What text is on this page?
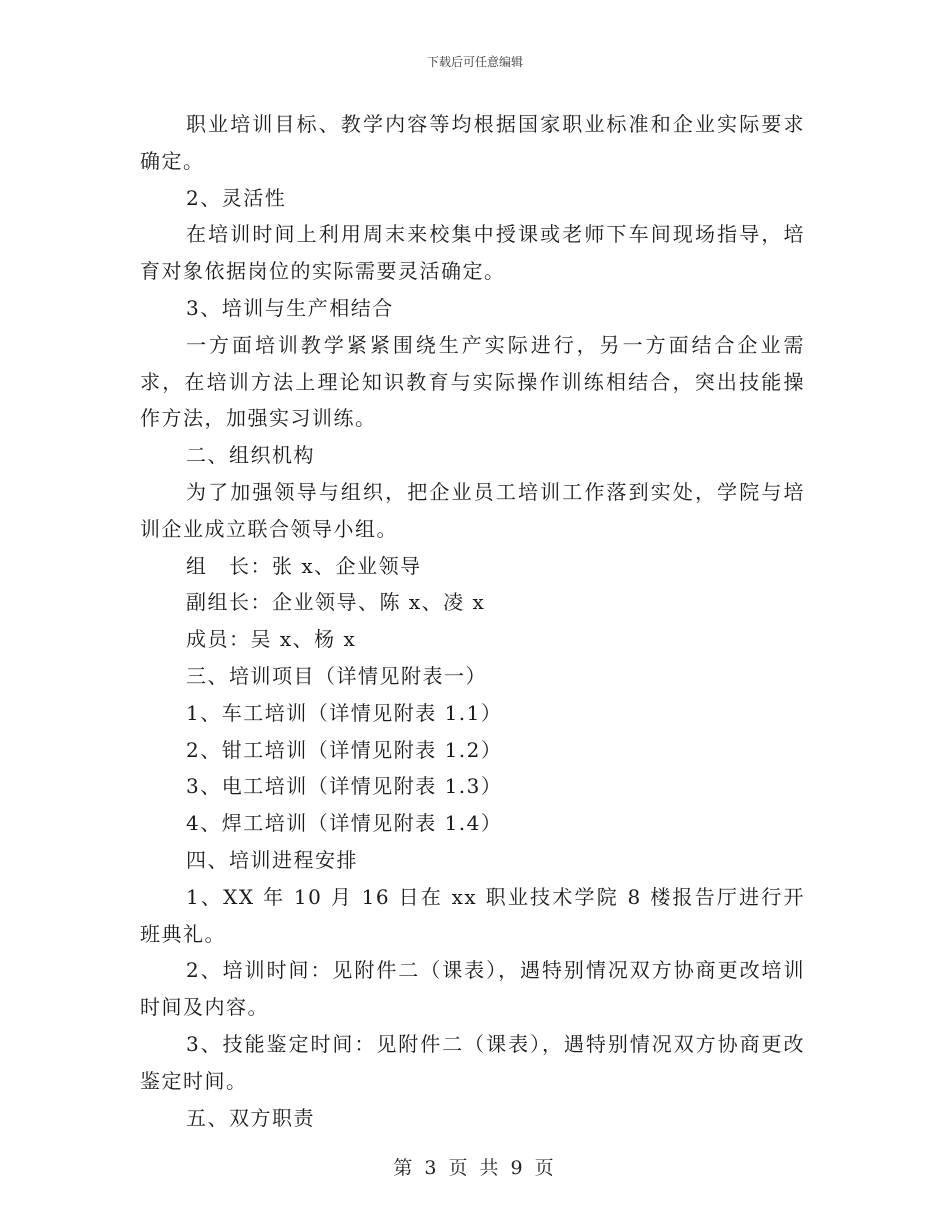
下载后可任意编辑

职业培训目标、教学内容等均根据国家职业标准和企业实际要求确定。

2、灵活性

在培训时间上利用周末来校集中授课或老师下车间现场指导，培育对象依据岗位的实际需要灵活确定。

3、培训与生产相结合

一方面培训教学紧紧围绕生产实际进行，另一方面结合企业需求，在培训方法上理论知识教育与实际操作训练相结合，突出技能操作方法，加强实习训练。

二、组织机构

为了加强领导与组织，把企业员工培训工作落到实处，学院与培训企业成立联合领导小组。

组　长：张 x、企业领导

副组长：企业领导、陈 x、凌 x

成员：吴 x、杨 x

三、培训项目（详情见附表一）

1、车工培训（详情见附表 1.1）

2、钳工培训（详情见附表 1.2）

3、电工培训（详情见附表 1.3）

4、焊工培训（详情见附表 1.4）

四、培训进程安排

1、XX 年 10 月 16 日在 xx 职业技术学院 8 楼报告厅进行开班典礼。

2、培训时间：见附件二（课表），遇特别情况双方协商更改培训时间及内容。

3、技能鉴定时间：见附件二（课表），遇特别情况双方协商更改鉴定时间。

五、双方职责

第 3 页 共 9 页
